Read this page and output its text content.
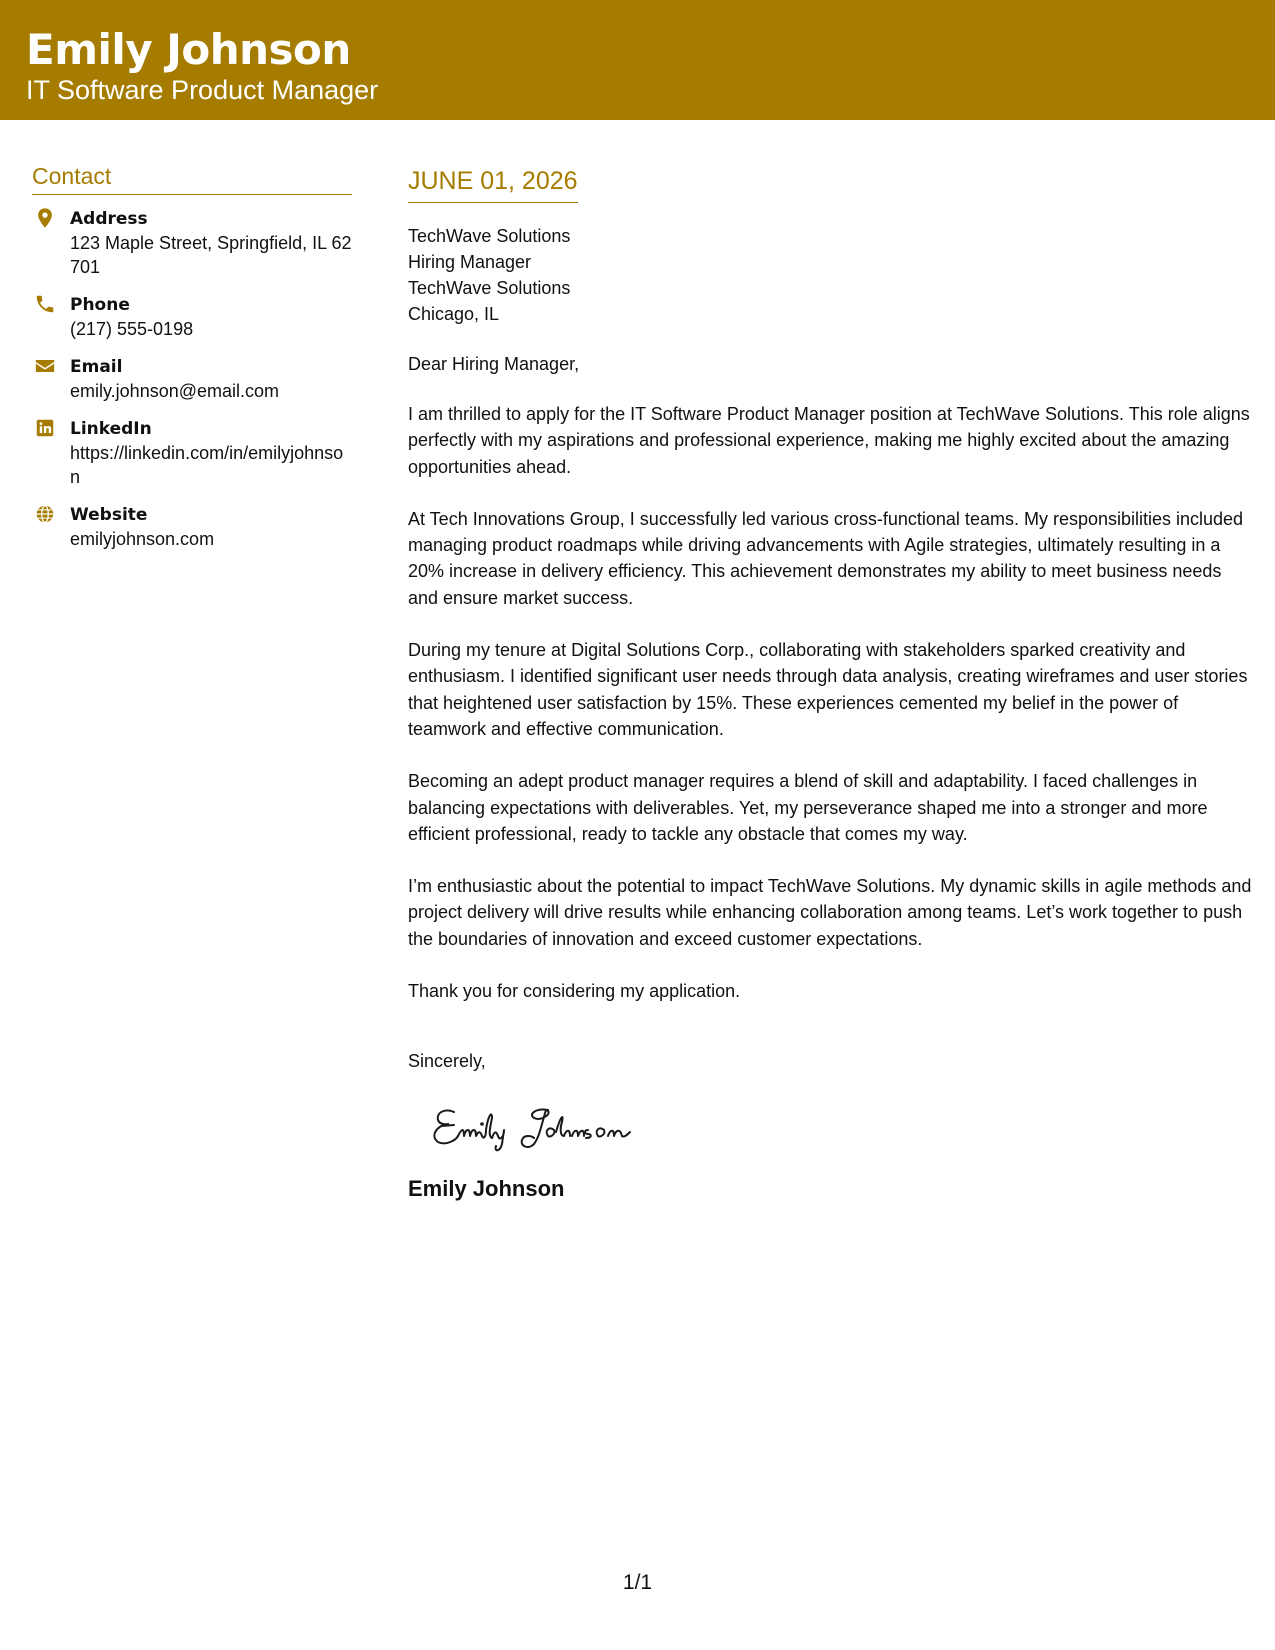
Emily Johnson
IT Software Product Manager
Contact
Address
123 Maple Street, Springfield, IL 62701
Phone
(217) 555-0198
Email
emily.johnson@email.com
LinkedIn
https://linkedin.com/in/emilyjohnson
Website
emilyjohnson.com
JUNE 01, 2026
TechWave Solutions
Hiring Manager
TechWave Solutions
Chicago, IL
Dear Hiring Manager,
I am thrilled to apply for the IT Software Product Manager position at TechWave Solutions. This role aligns perfectly with my aspirations and professional experience, making me highly excited about the amazing opportunities ahead.
At Tech Innovations Group, I successfully led various cross-functional teams. My responsibilities included managing product roadmaps while driving advancements with Agile strategies, ultimately resulting in a 20% increase in delivery efficiency. This achievement demonstrates my ability to meet business needs and ensure market success.
During my tenure at Digital Solutions Corp., collaborating with stakeholders sparked creativity and enthusiasm. I identified significant user needs through data analysis, creating wireframes and user stories that heightened user satisfaction by 15%. These experiences cemented my belief in the power of teamwork and effective communication.
Becoming an adept product manager requires a blend of skill and adaptability. I faced challenges in balancing expectations with deliverables. Yet, my perseverance shaped me into a stronger and more efficient professional, ready to tackle any obstacle that comes my way.
I’m enthusiastic about the potential to impact TechWave Solutions. My dynamic skills in agile methods and project delivery will drive results while enhancing collaboration among teams. Let’s work together to push the boundaries of innovation and exceed customer expectations.
Thank you for considering my application.
Sincerely,
Emily Johnson
1/1
